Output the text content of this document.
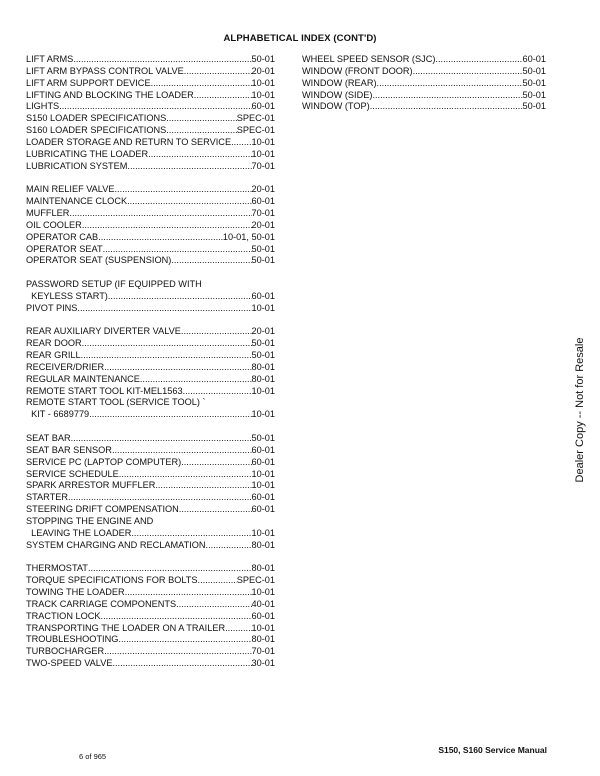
ALPHABETICAL INDEX (CONT'D)
LIFT ARMS .....	50-01
LIFT ARM BYPASS CONTROL VALVE .....	20-01
LIFT ARM SUPPORT DEVICE .....	10-01
LIFTING AND BLOCKING THE LOADER .....	10-01
LIGHTS .....	60-01
S150 LOADER SPECIFICATIONS .....	SPEC-01
S160 LOADER SPECIFICATIONS .....	SPEC-01
LOADER STORAGE AND RETURN TO SERVICE ..... 10-01
LUBRICATING THE LOADER .....	10-01
LUBRICATION SYSTEM .....	70-01
MAIN RELIEF VALVE .....	20-01
MAINTENANCE CLOCK .....	60-01
MUFFLER .....	70-01
OIL COOLER .....	20-01
OPERATOR CAB .....	10-01, 50-01
OPERATOR SEAT .....	50-01
OPERATOR SEAT (SUSPENSION) .....	50-01
PASSWORD SETUP (IF EQUIPPED WITH
KEYLESS START) .....	60-01
PIVOT PINS .....	10-01
REAR AUXILIARY DIVERTER VALVE .....	20-01
REAR DOOR .....	50-01
REAR GRILL .....	50-01
RECEIVER/DRIER .....	80-01
REGULAR MAINTENANCE .....	80-01
REMOTE START TOOL KIT-MEL1563 .....	10-01
REMOTE START TOOL (SERVICE TOOL) `
KIT - 6689779 .....	10-01
SEAT BAR .....	50-01
SEAT BAR SENSOR .....	60-01
SERVICE PC (LAPTOP COMPUTER) .....	60-01
SERVICE SCHEDULE .....	10-01
SPARK ARRESTOR MUFFLER .....	10-01
STARTER .....	60-01
STEERING DRIFT COMPENSATION .....	60-01
STOPPING THE ENGINE AND
LEAVING THE LOADER .....	10-01
SYSTEM CHARGING AND RECLAMATION .....	80-01
THERMOSTAT .....	80-01
TORQUE SPECIFICATIONS FOR BOLTS .....	SPEC-01
TOWING THE LOADER .....	10-01
TRACK CARRIAGE COMPONENTS .....	40-01
TRACTION LOCK .....	60-01
TRANSPORTING THE LOADER ON A TRAILER .....	10-01
TROUBLESHOOTING .....	80-01
TURBOCHARGER .....	70-01
TWO-SPEED VALVE .....	30-01
WHEEL SPEED SENSOR (SJC) .....	60-01
WINDOW (FRONT DOOR) .....	50-01
WINDOW (REAR) .....	50-01
WINDOW (SIDE) .....	50-01
WINDOW (TOP) .....	50-01
Dealer Copy -- Not for Resale
6 of 965
S150, S160 Service Manual
